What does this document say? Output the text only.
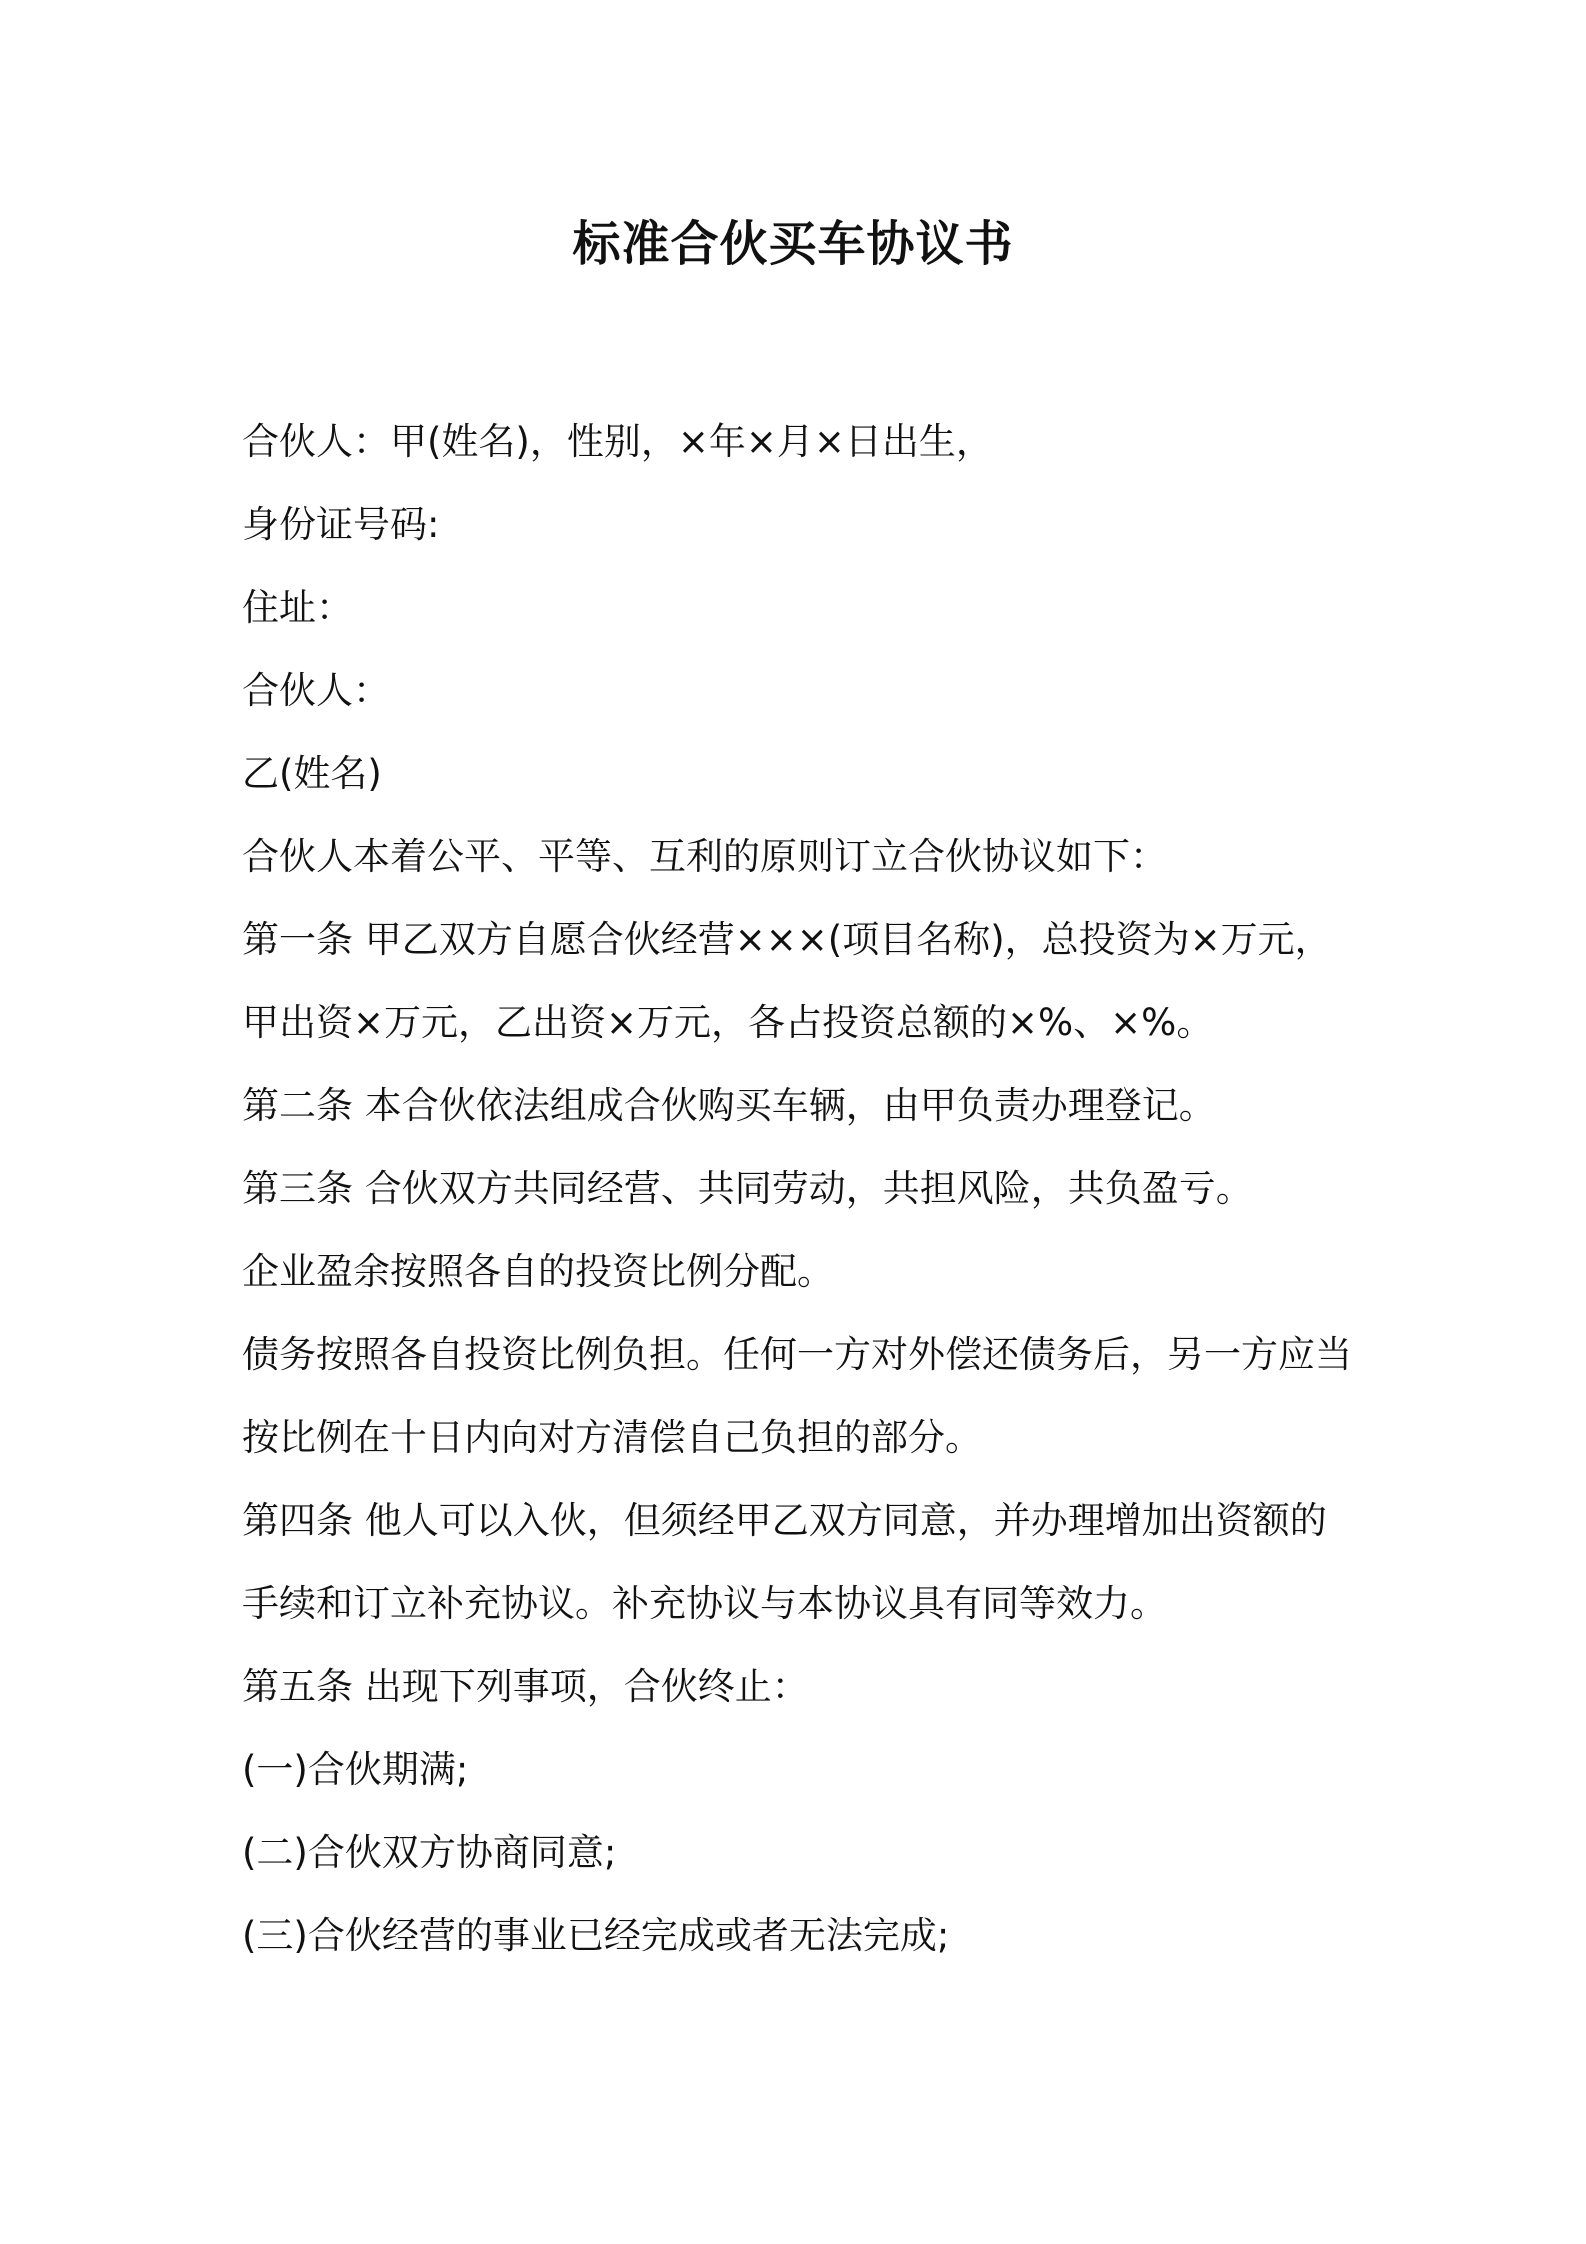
标准合伙买车协议书
合伙人：甲(姓名)，性别，×年×月×日出生，
身份证号码:
住址：
合伙人：
乙(姓名)
合伙人本着公平、平等、互利的原则订立合伙协议如下：
第一条 甲乙双方自愿合伙经营×××(项目名称)，总投资为×万元，
甲出资×万元，乙出资×万元，各占投资总额的×%、×%。
第二条 本合伙依法组成合伙购买车辆，由甲负责办理登记。
第三条 合伙双方共同经营、共同劳动，共担风险，共负盈亏。
企业盈余按照各自的投资比例分配。
债务按照各自投资比例负担。任何一方对外偿还债务后，另一方应当
按比例在十日内向对方清偿自己负担的部分。
第四条 他人可以入伙，但须经甲乙双方同意，并办理增加出资额的
手续和订立补充协议。补充协议与本协议具有同等效力。
第五条 出现下列事项，合伙终止：
(一)合伙期满;
(二)合伙双方协商同意;
(三)合伙经营的事业已经完成或者无法完成;
